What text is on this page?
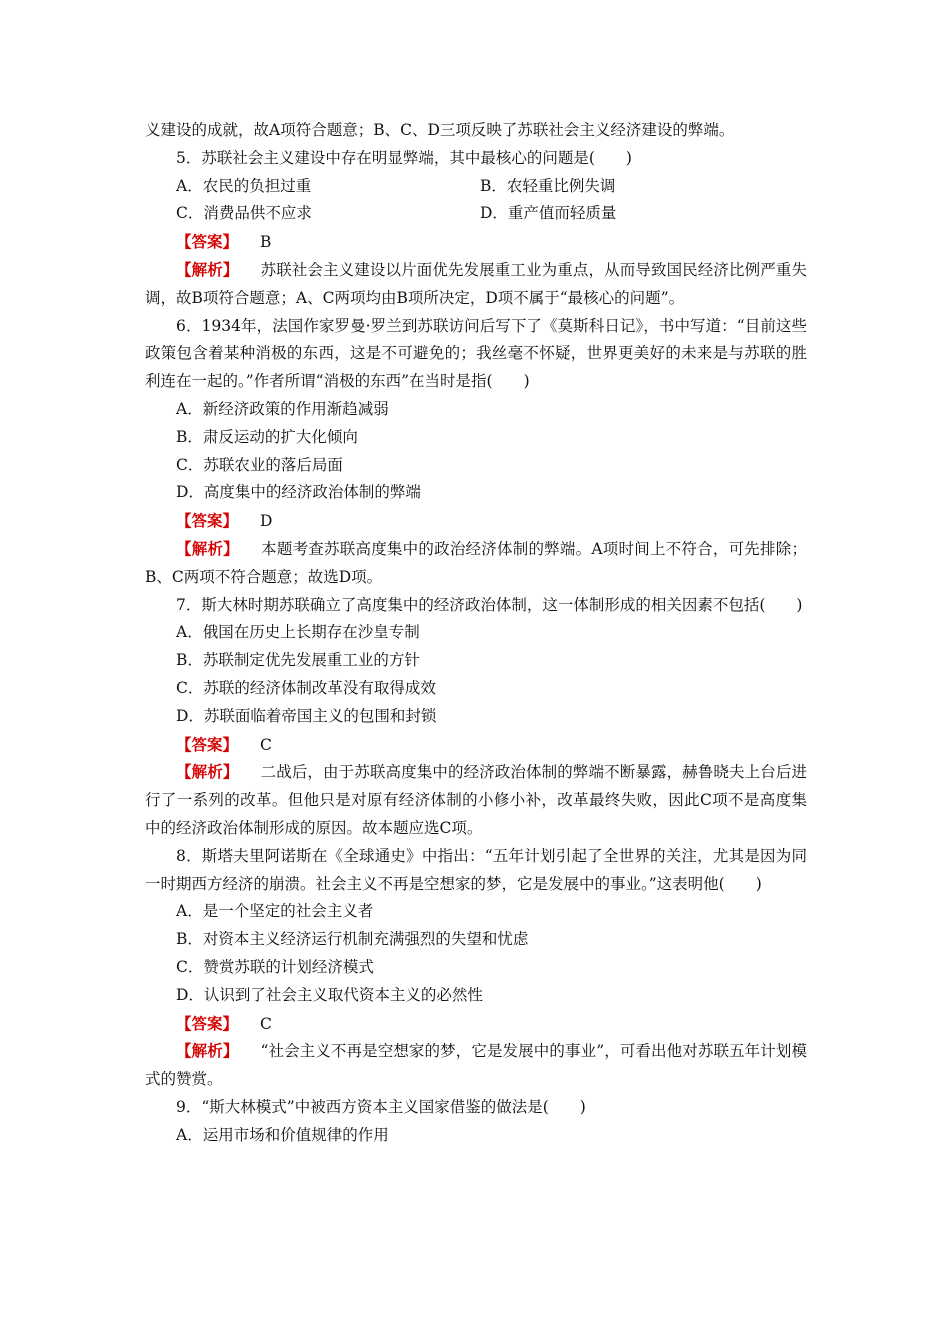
义建设的成就，故A项符合题意；B、C、D三项反映了苏联社会主义经济建设的弊端。
5．苏联社会主义建设中存在明显弊端，其中最核心的问题是(　　)
A．农民的负担过重	B．农轻重比例失调
C．消费品供不应求	D．重产值而轻质量
【答案】 B
【解析】 苏联社会主义建设以片面优先发展重工业为重点，从而导致国民经济比例严重失调，故B项符合题意；A、C两项均由B项所决定，D项不属于“最核心的问题”。
6．1934年，法国作家罗曼·罗兰到苏联访问后写下了《莫斯科日记》，书中写道：“目前这些政策包含着某种消极的东西，这是不可避免的；我丝毫不怀疑，世界更美好的未来是与苏联的胜利连在一起的。”作者所谓“消极的东西”在当时是指(　　)
A．新经济政策的作用渐趋减弱
B．肃反运动的扩大化倾向
C．苏联农业的落后局面
D．高度集中的经济政治体制的弊端
【答案】 D
【解析】 本题考查苏联高度集中的政治经济体制的弊端。A项时间上不符合，可先排除；B、C两项不符合题意；故选D项。
7．斯大林时期苏联确立了高度集中的经济政治体制，这一体制形成的相关因素不包括(　　)
A．俄国在历史上长期存在沙皇专制
B．苏联制定优先发展重工业的方针
C．苏联的经济体制改革没有取得成效
D．苏联面临着帝国主义的包围和封锁
【答案】 C
【解析】 二战后，由于苏联高度集中的经济政治体制的弊端不断暴露，赫鲁晓夫上台后进行了一系列的改革。但他只是对原有经济体制的小修小补，改革最终失败，因此C项不是高度集中的经济政治体制形成的原因。故本题应选C项。
8．斯塔夫里阿诺斯在《全球通史》中指出：“五年计划引起了全世界的关注，尤其是因为同一时期西方经济的崩溃。社会主义不再是空想家的梦，它是发展中的事业。”这表明他(　　)
A．是一个坚定的社会主义者
B．对资本主义经济运行机制充满强烈的失望和忧虑
C．赞赏苏联的计划经济模式
D．认识到了社会主义取代资本主义的必然性
【答案】 C
【解析】 “社会主义不再是空想家的梦，它是发展中的事业”，可看出他对苏联五年计划模式的赞赏。
9．“斯大林模式”中被西方资本主义国家借鉴的做法是(　　)
A．运用市场和价值规律的作用
